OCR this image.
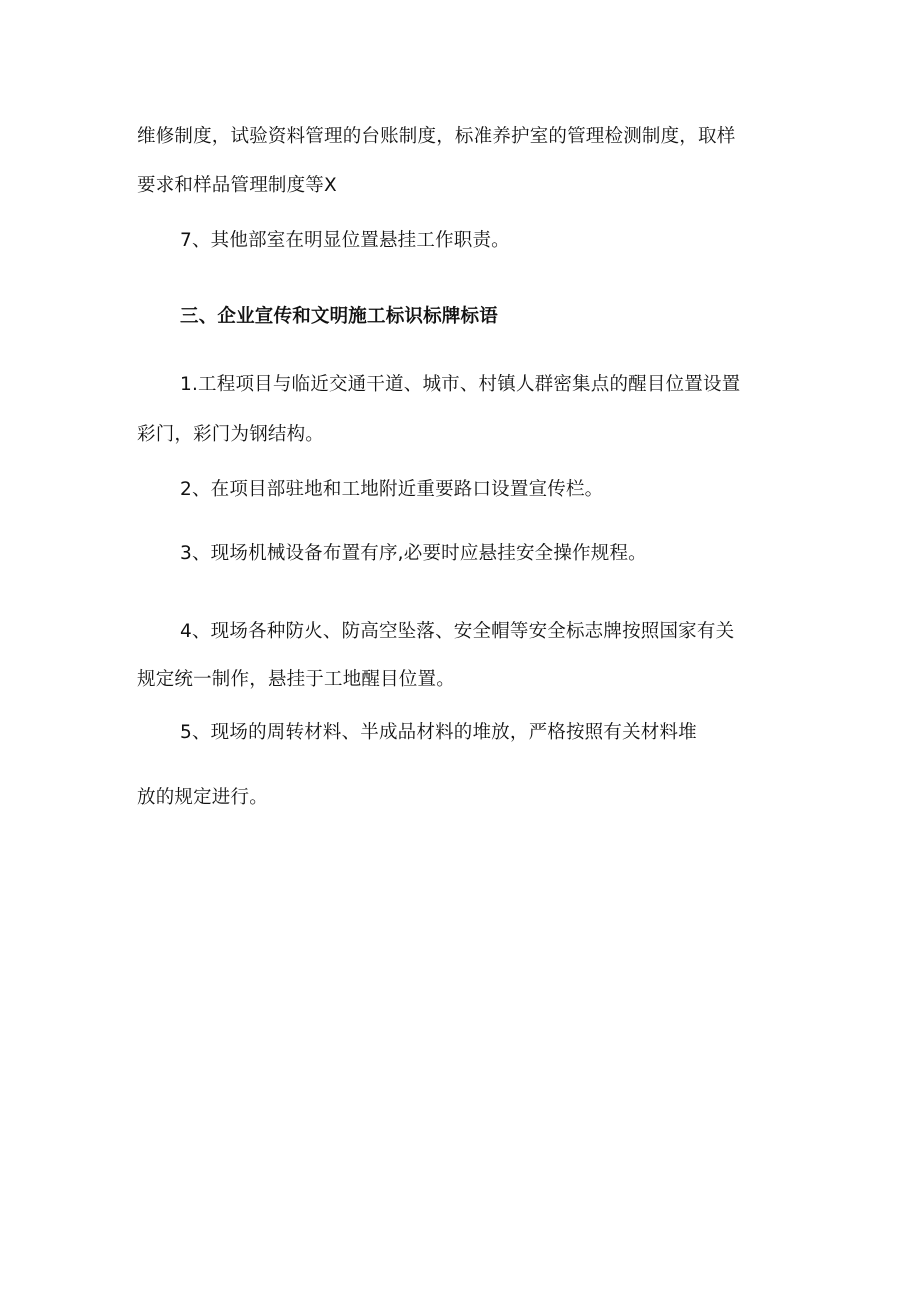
维修制度，试验资料管理的台账制度，标准养护室的管理检测制度，取样
要求和样品管理制度等Ⅹ
7、其他部室在明显位置悬挂工作职责。
三、企业宣传和文明施工标识标牌标语
1.工程项目与临近交通干道、城市、村镇人群密集点的醒目位置设置
彩门，彩门为钢结构。
2、在项目部驻地和工地附近重要路口设置宣传栏。
3、现场机械设备布置有序,必要时应悬挂安全操作规程。
4、现场各种防火、防高空坠落、安全帽等安全标志牌按照国家有关
规定统一制作，悬挂于工地醒目位置。
5、现场的周转材料、半成品材料的堆放，严格按照有关材料堆
放的规定进行。
